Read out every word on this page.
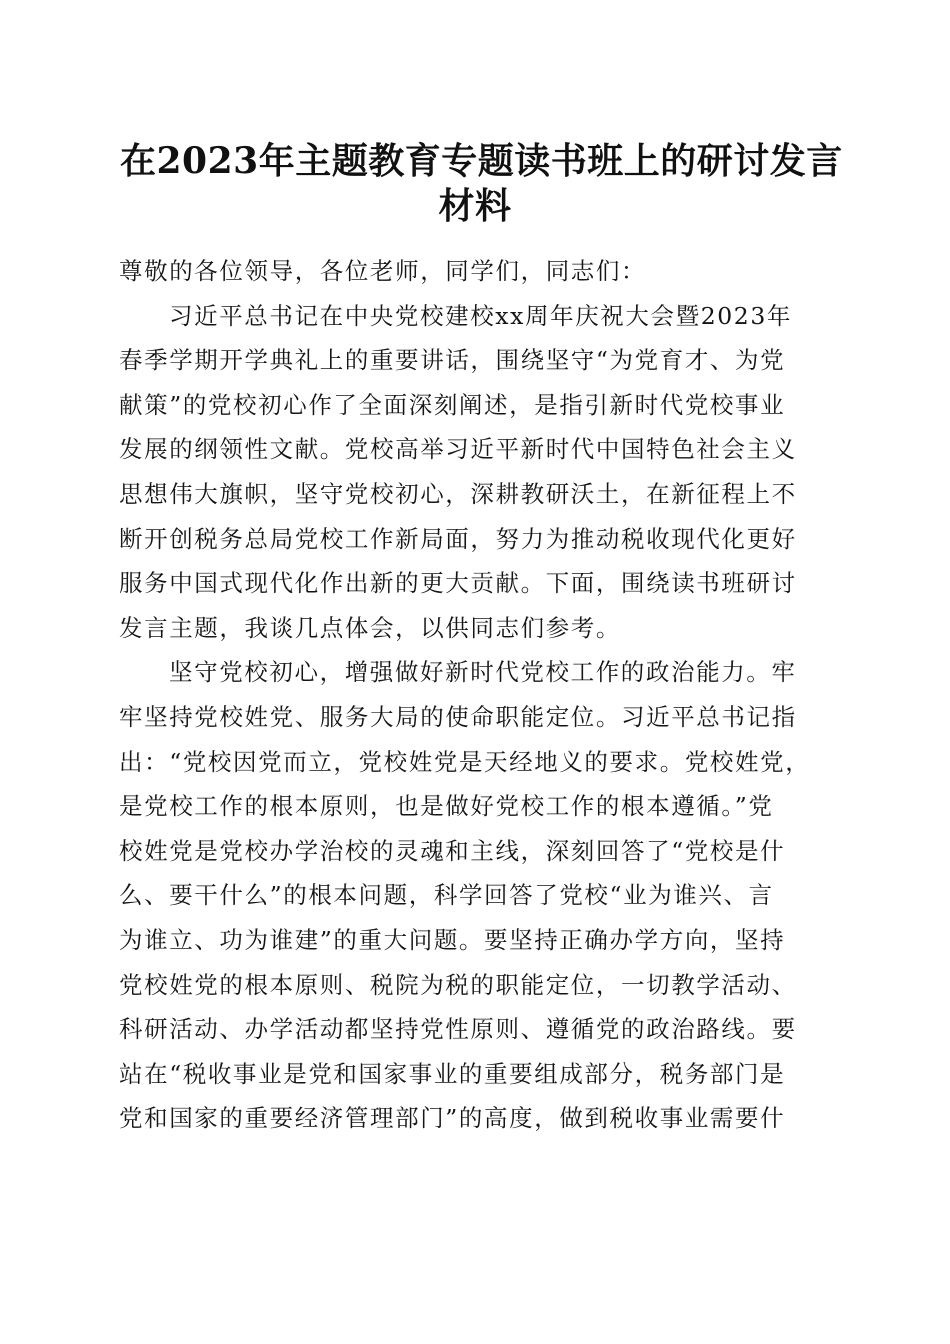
在2023年主题教育专题读书班上的研讨发言
材料
尊敬的各位领导，各位老师，同学们，同志们：
习近平总书记在中央党校建校xx周年庆祝大会暨2023年
春季学期开学典礼上的重要讲话，围绕坚守“为党育才、为党
献策”的党校初心作了全面深刻阐述，是指引新时代党校事业
发展的纲领性文献。党校高举习近平新时代中国特色社会主义
思想伟大旗帜，坚守党校初心，深耕教研沃土，在新征程上不
断开创税务总局党校工作新局面，努力为推动税收现代化更好
服务中国式现代化作出新的更大贡献。下面，围绕读书班研讨
发言主题，我谈几点体会，以供同志们参考。
坚守党校初心，增强做好新时代党校工作的政治能力。牢
牢坚持党校姓党、服务大局的使命职能定位。习近平总书记指
出：“党校因党而立，党校姓党是天经地义的要求。党校姓党，
是党校工作的根本原则，也是做好党校工作的根本遵循。”党
校姓党是党校办学治校的灵魂和主线，深刻回答了“党校是什
么、要干什么”的根本问题，科学回答了党校“业为谁兴、言
为谁立、功为谁建”的重大问题。要坚持正确办学方向，坚持
党校姓党的根本原则、税院为税的职能定位，一切教学活动、
科研活动、办学活动都坚持党性原则、遵循党的政治路线。要
站在“税收事业是党和国家事业的重要组成部分，税务部门是
党和国家的重要经济管理部门”的高度，做到税收事业需要什
